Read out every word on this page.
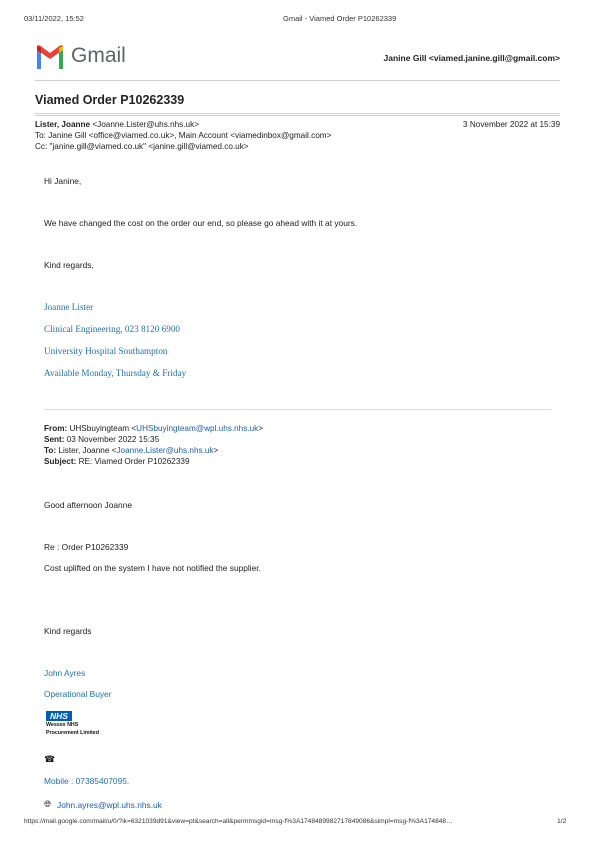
03/11/2022, 15:52	Gmail - Viamed Order P10262339
Gmail	Janine Gill <viamed.janine.gill@gmail.com>
Viamed Order P10262339
Lister, Joanne <Joanne.Lister@uhs.nhs.uk>	3 November 2022 at 15:39
To: Janine Gill <office@viamed.co.uk>, Main Account <viamedinbox@gmail.com>
Cc: "janine.gill@viamed.co.uk" <janine.gill@viamed.co.uk>
Hi Janine,
We have changed the cost on the order our end, so please go ahead with it at yours.
Kind regards,
Joanne Lister
Clinical Engineering, 023 8120 6900
University Hospital Southampton
Available Monday, Thursday & Friday
From: UHSbuyingteam <UHSbuyingteam@wpl.uhs.nhs.uk>
Sent: 03 November 2022 15:35
To: Lister, Joanne <Joanne.Lister@uhs.nhs.uk>
Subject: RE: Viamed Order P10262339
Good afternoon Joanne
Re : Order P10262339
Cost uplifted on the system I have not notified the supplier.
Kind regards
John Ayres
Operational Buyer
NHS
Wessex NHS
Procurement Limited
☎
Mobile : 07385407095.
🌐︎ John.ayres@wpl.uhs.nhs.uk
https://mail.google.com/mail/u/0/?ik=6321039d91&view=pt&search=all&permmsgid=msg-f%3A1748489982717849086&simpl=msg-f%3A174848…	1/2
